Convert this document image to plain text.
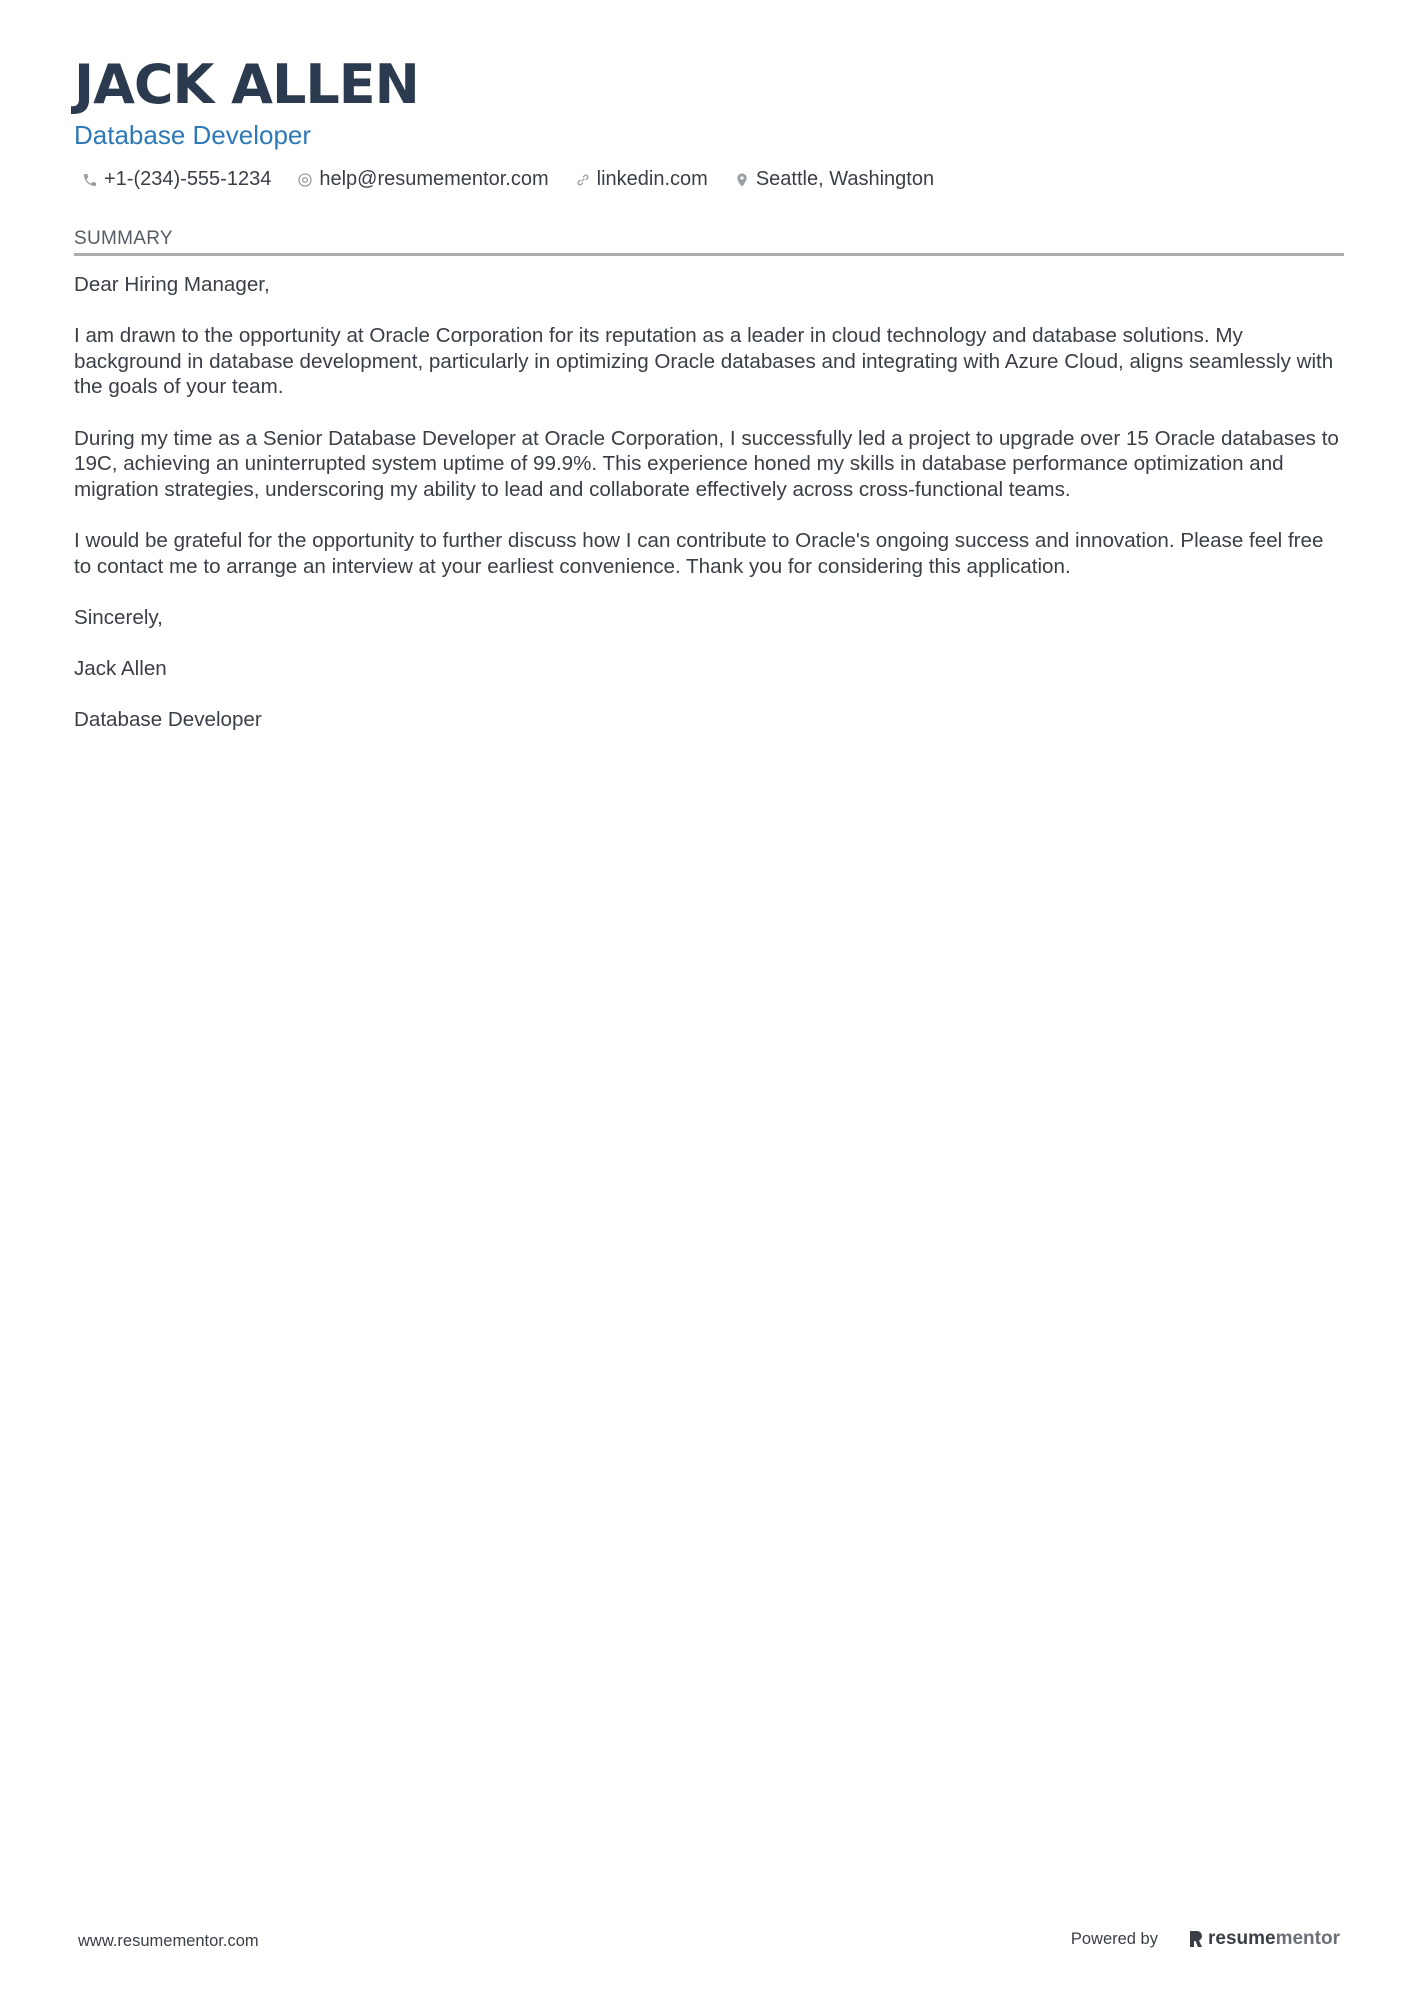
JACK ALLEN
Database Developer
+1-(234)-555-1234 help@resumementor.com linkedin.com Seattle, Washington
SUMMARY

Dear Hiring Manager,

I am drawn to the opportunity at Oracle Corporation for its reputation as a leader in cloud technology and database solutions. My background in database development, particularly in optimizing Oracle databases and integrating with Azure Cloud, aligns seamlessly with the goals of your team.

During my time as a Senior Database Developer at Oracle Corporation, I successfully led a project to upgrade over 15 Oracle databases to 19C, achieving an uninterrupted system uptime of 99.9%. This experience honed my skills in database performance optimization and migration strategies, underscoring my ability to lead and collaborate effectively across cross-functional teams.

I would be grateful for the opportunity to further discuss how I can contribute to Oracle's ongoing success and innovation. Please feel free to contact me to arrange an interview at your earliest convenience. Thank you for considering this application.

Sincerely,

Jack Allen

Database Developer

www.resumementor.com	Powered by	resume mentor
